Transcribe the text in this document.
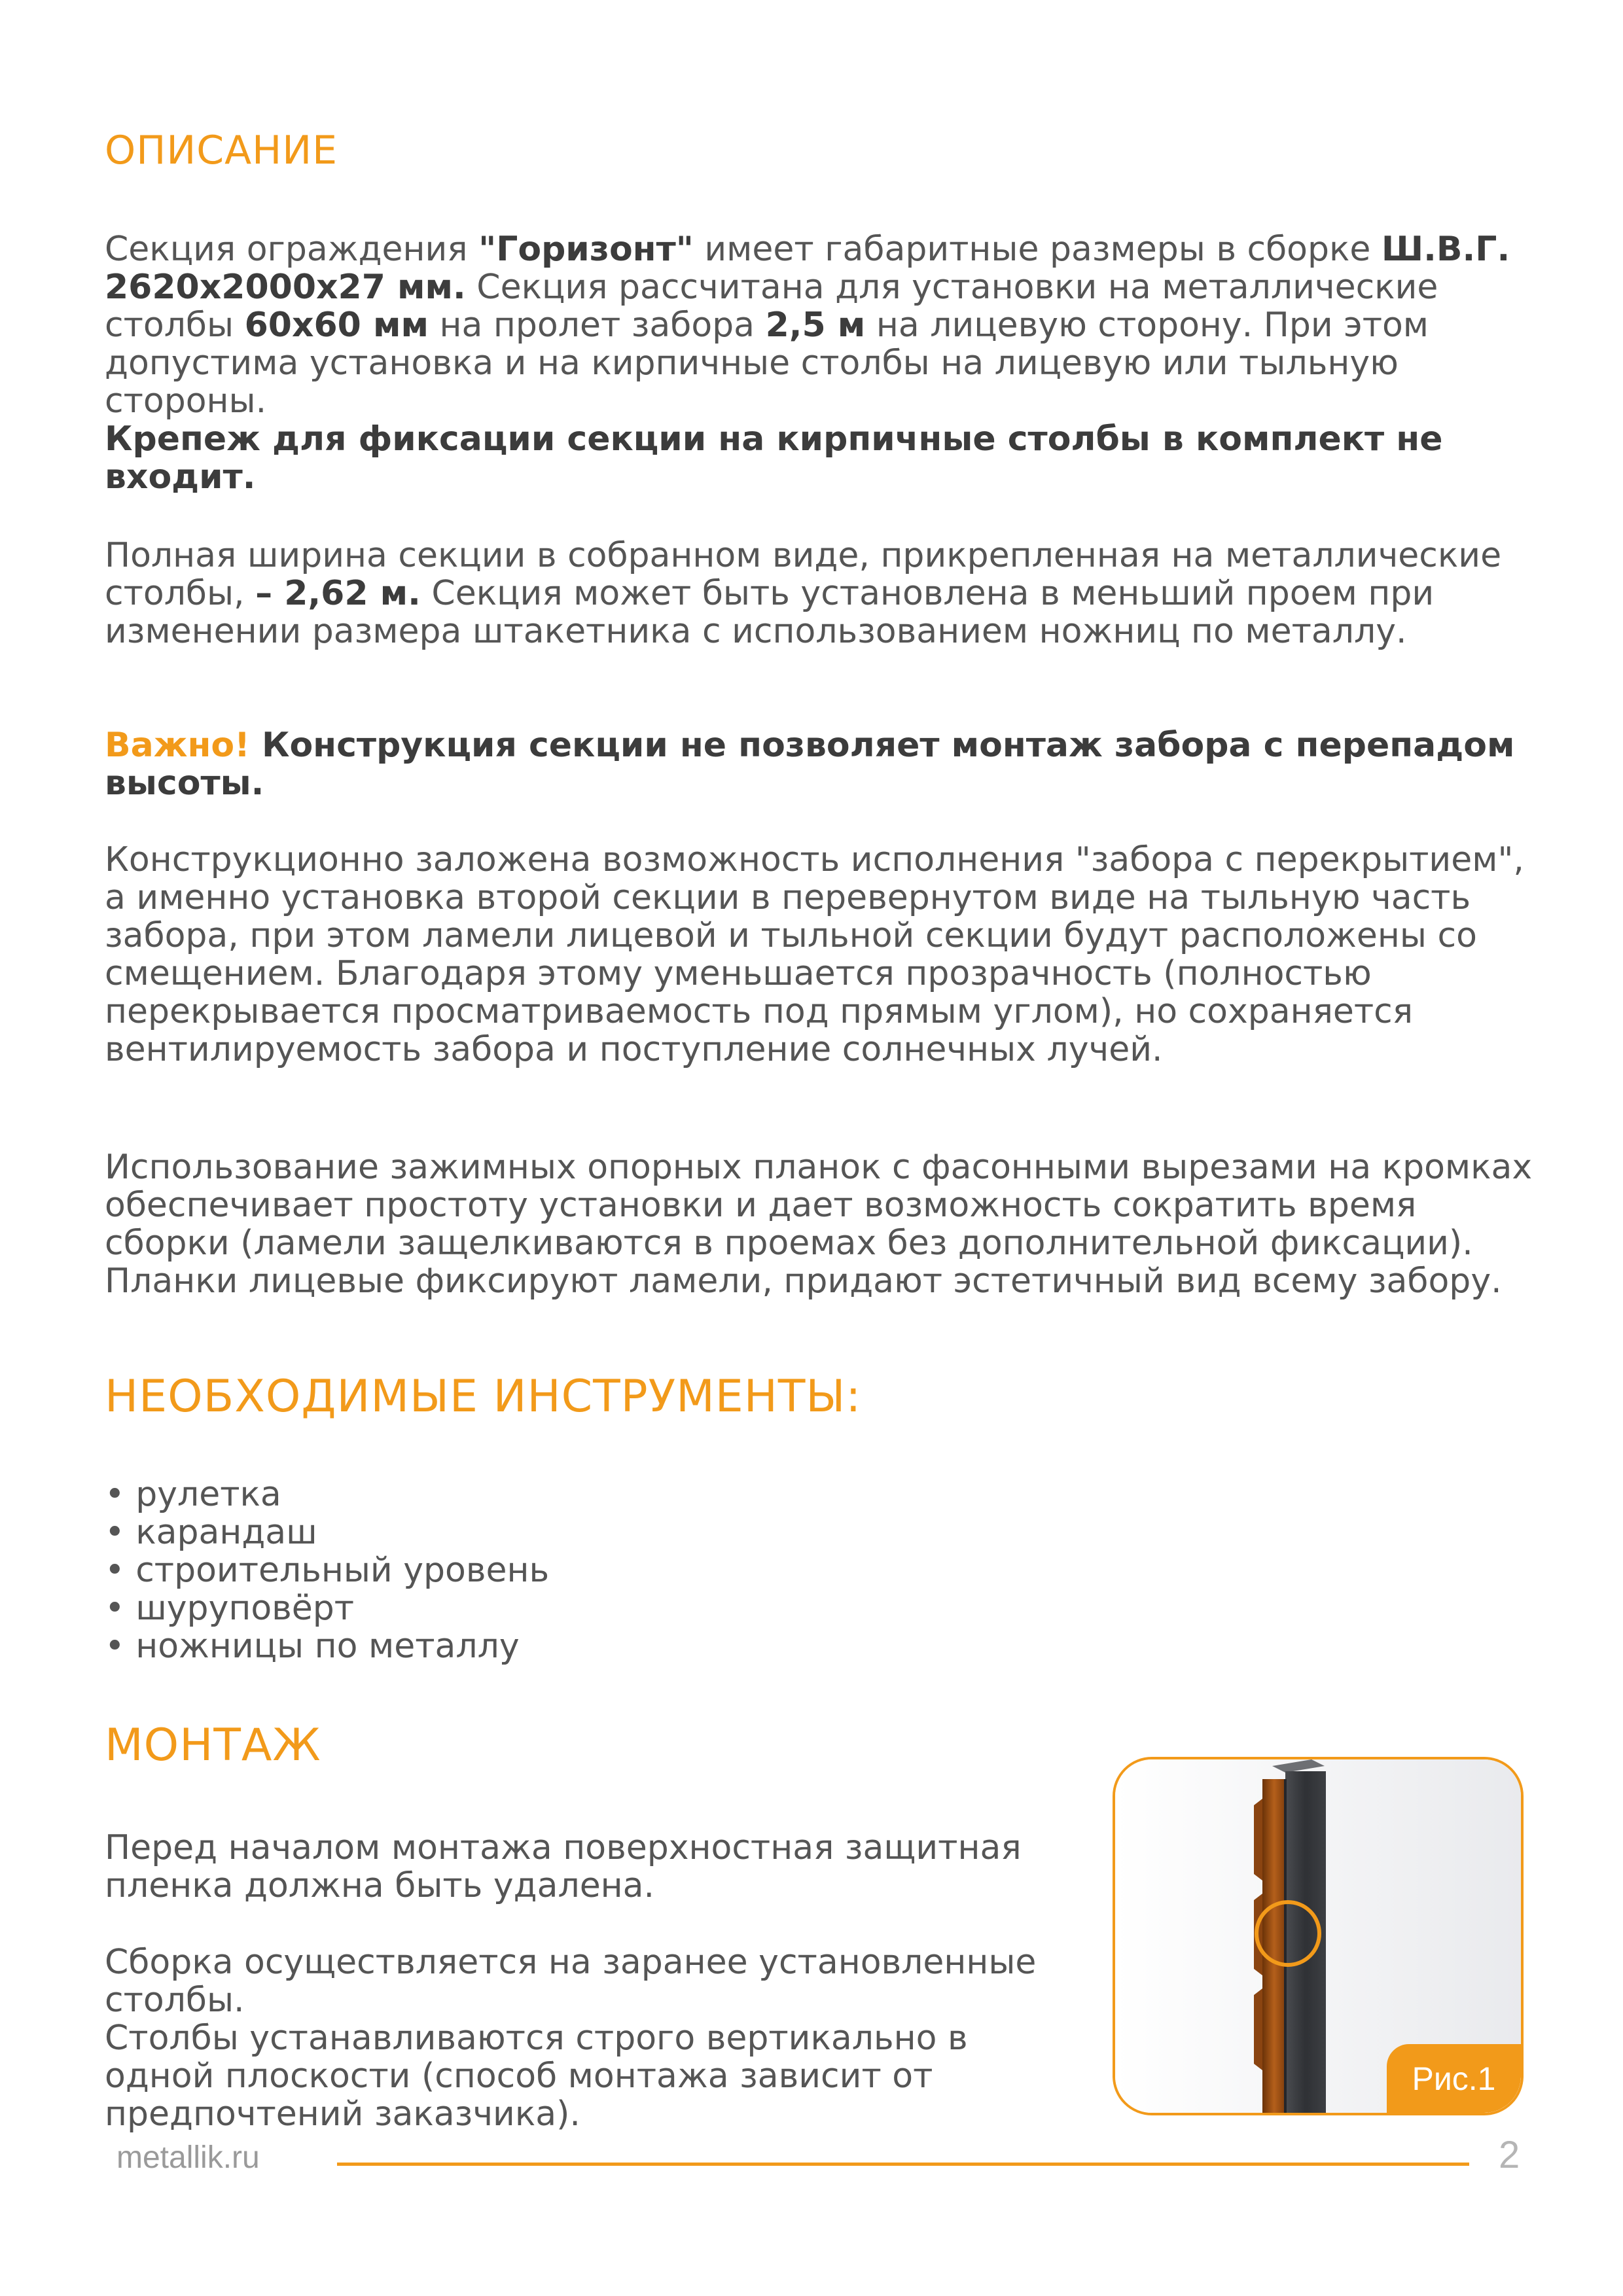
ОПИСАНИЕ

Секция ограждения "Горизонт" имеет габаритные размеры в сборке Ш.В.Г. 2620х2000х27 мм. Секция рассчитана для установки на металлические столбы 60х60 мм на пролет забора 2,5 м на лицевую сторону. При этом допустима установка и на кирпичные столбы на лицевую или тыльную стороны.
Крепеж для фиксации секции на кирпичные столбы в комплект не входит.

Полная ширина секции в собранном виде, прикрепленная на металлические столбы, – 2,62 м. Секция может быть установлена в меньший проем при изменении размера штакетника с использованием ножниц по металлу.

Важно! Конструкция секции не позволяет монтаж забора с перепадом высоты.

Конструкционно заложена возможность исполнения "забора с перекрытием", а именно установка второй секции в перевернутом виде на тыльную часть забора, при этом ламели лицевой и тыльной секции будут расположены со смещением. Благодаря этому уменьшается прозрачность (полностью перекрывается просматриваемость под прямым углом), но сохраняется вентилируемость забора и поступление солнечных лучей.

Использование зажимных опорных планок с фасонными вырезами на кромках обеспечивает простоту установки и дает возможность сократить время сборки (ламели защелкиваются в проемах без дополнительной фиксации). Планки лицевые фиксируют ламели, придают эстетичный вид всему забору.

НЕОБХОДИМЫЕ ИНСТРУМЕНТЫ:
• рулетка
• карандаш
• строительный уровень
• шуруповёрт
• ножницы по металлу
МОНТАЖ

Перед началом монтажа поверхностная защитная пленка должна быть удалена.

Сборка осуществляется на заранее установленные столбы.

Столбы устанавливаются строго вертикально в одной плоскости (способ монтажа зависит от предпочтений заказчика).

Рис.1
metallik.ru	2
